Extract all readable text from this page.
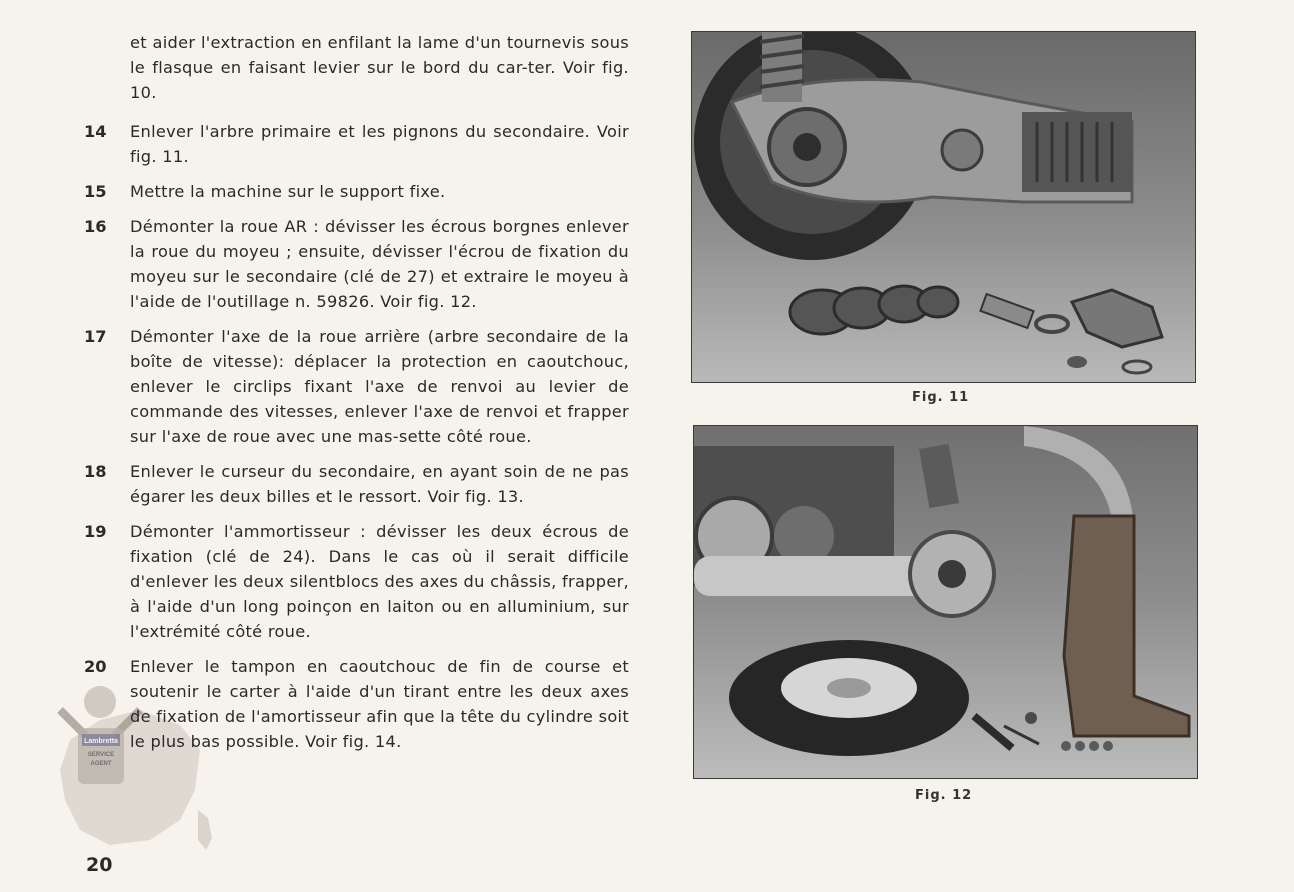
Lambretta
SERVICE
AGENT

et aider l'extraction en enfilant la lame d'un tournevis sous le flasque en faisant levier sur le bord du car-ter. Voir fig. 10.

14	Enlever l'arbre primaire et les pignons du secondaire. Voir fig. 11.
15	Mettre la machine sur le support fixe.
16	Démonter la roue AR : dévisser les écrous borgnes enlever la roue du moyeu ; ensuite, dévisser l'écrou de fixation du moyeu sur le secondaire (clé de 27) et extraire le moyeu à l'aide de l'outillage n. 59826. Voir fig. 12.
17	Démonter l'axe de la roue arrière (arbre secondaire de la boîte de vitesse): déplacer la protection en caoutchouc, enlever le circlips fixant l'axe de renvoi au levier de commande des vitesses, enlever l'axe de renvoi et frapper sur l'axe de roue avec une mas-sette côté roue.
18	Enlever le curseur du secondaire, en ayant soin de ne pas égarer les deux billes et le ressort. Voir fig. 13.
19	Démonter l'ammortisseur : dévisser les deux écrous de fixation (clé de 24). Dans le cas où il serait difficile d'enlever les deux silentblocs des axes du châssis, frapper, à l'aide d'un long poinçon en laiton ou en alluminium, sur l'extrémité côté roue.
20	Enlever le tampon en caoutchouc de fin de course et soutenir le carter à l'aide d'un tirant entre les deux axes de fixation de l'amortisseur afin que la tête du cylindre soit le plus bas possible. Voir fig. 14.
20
Fig. 11
Fig. 12
